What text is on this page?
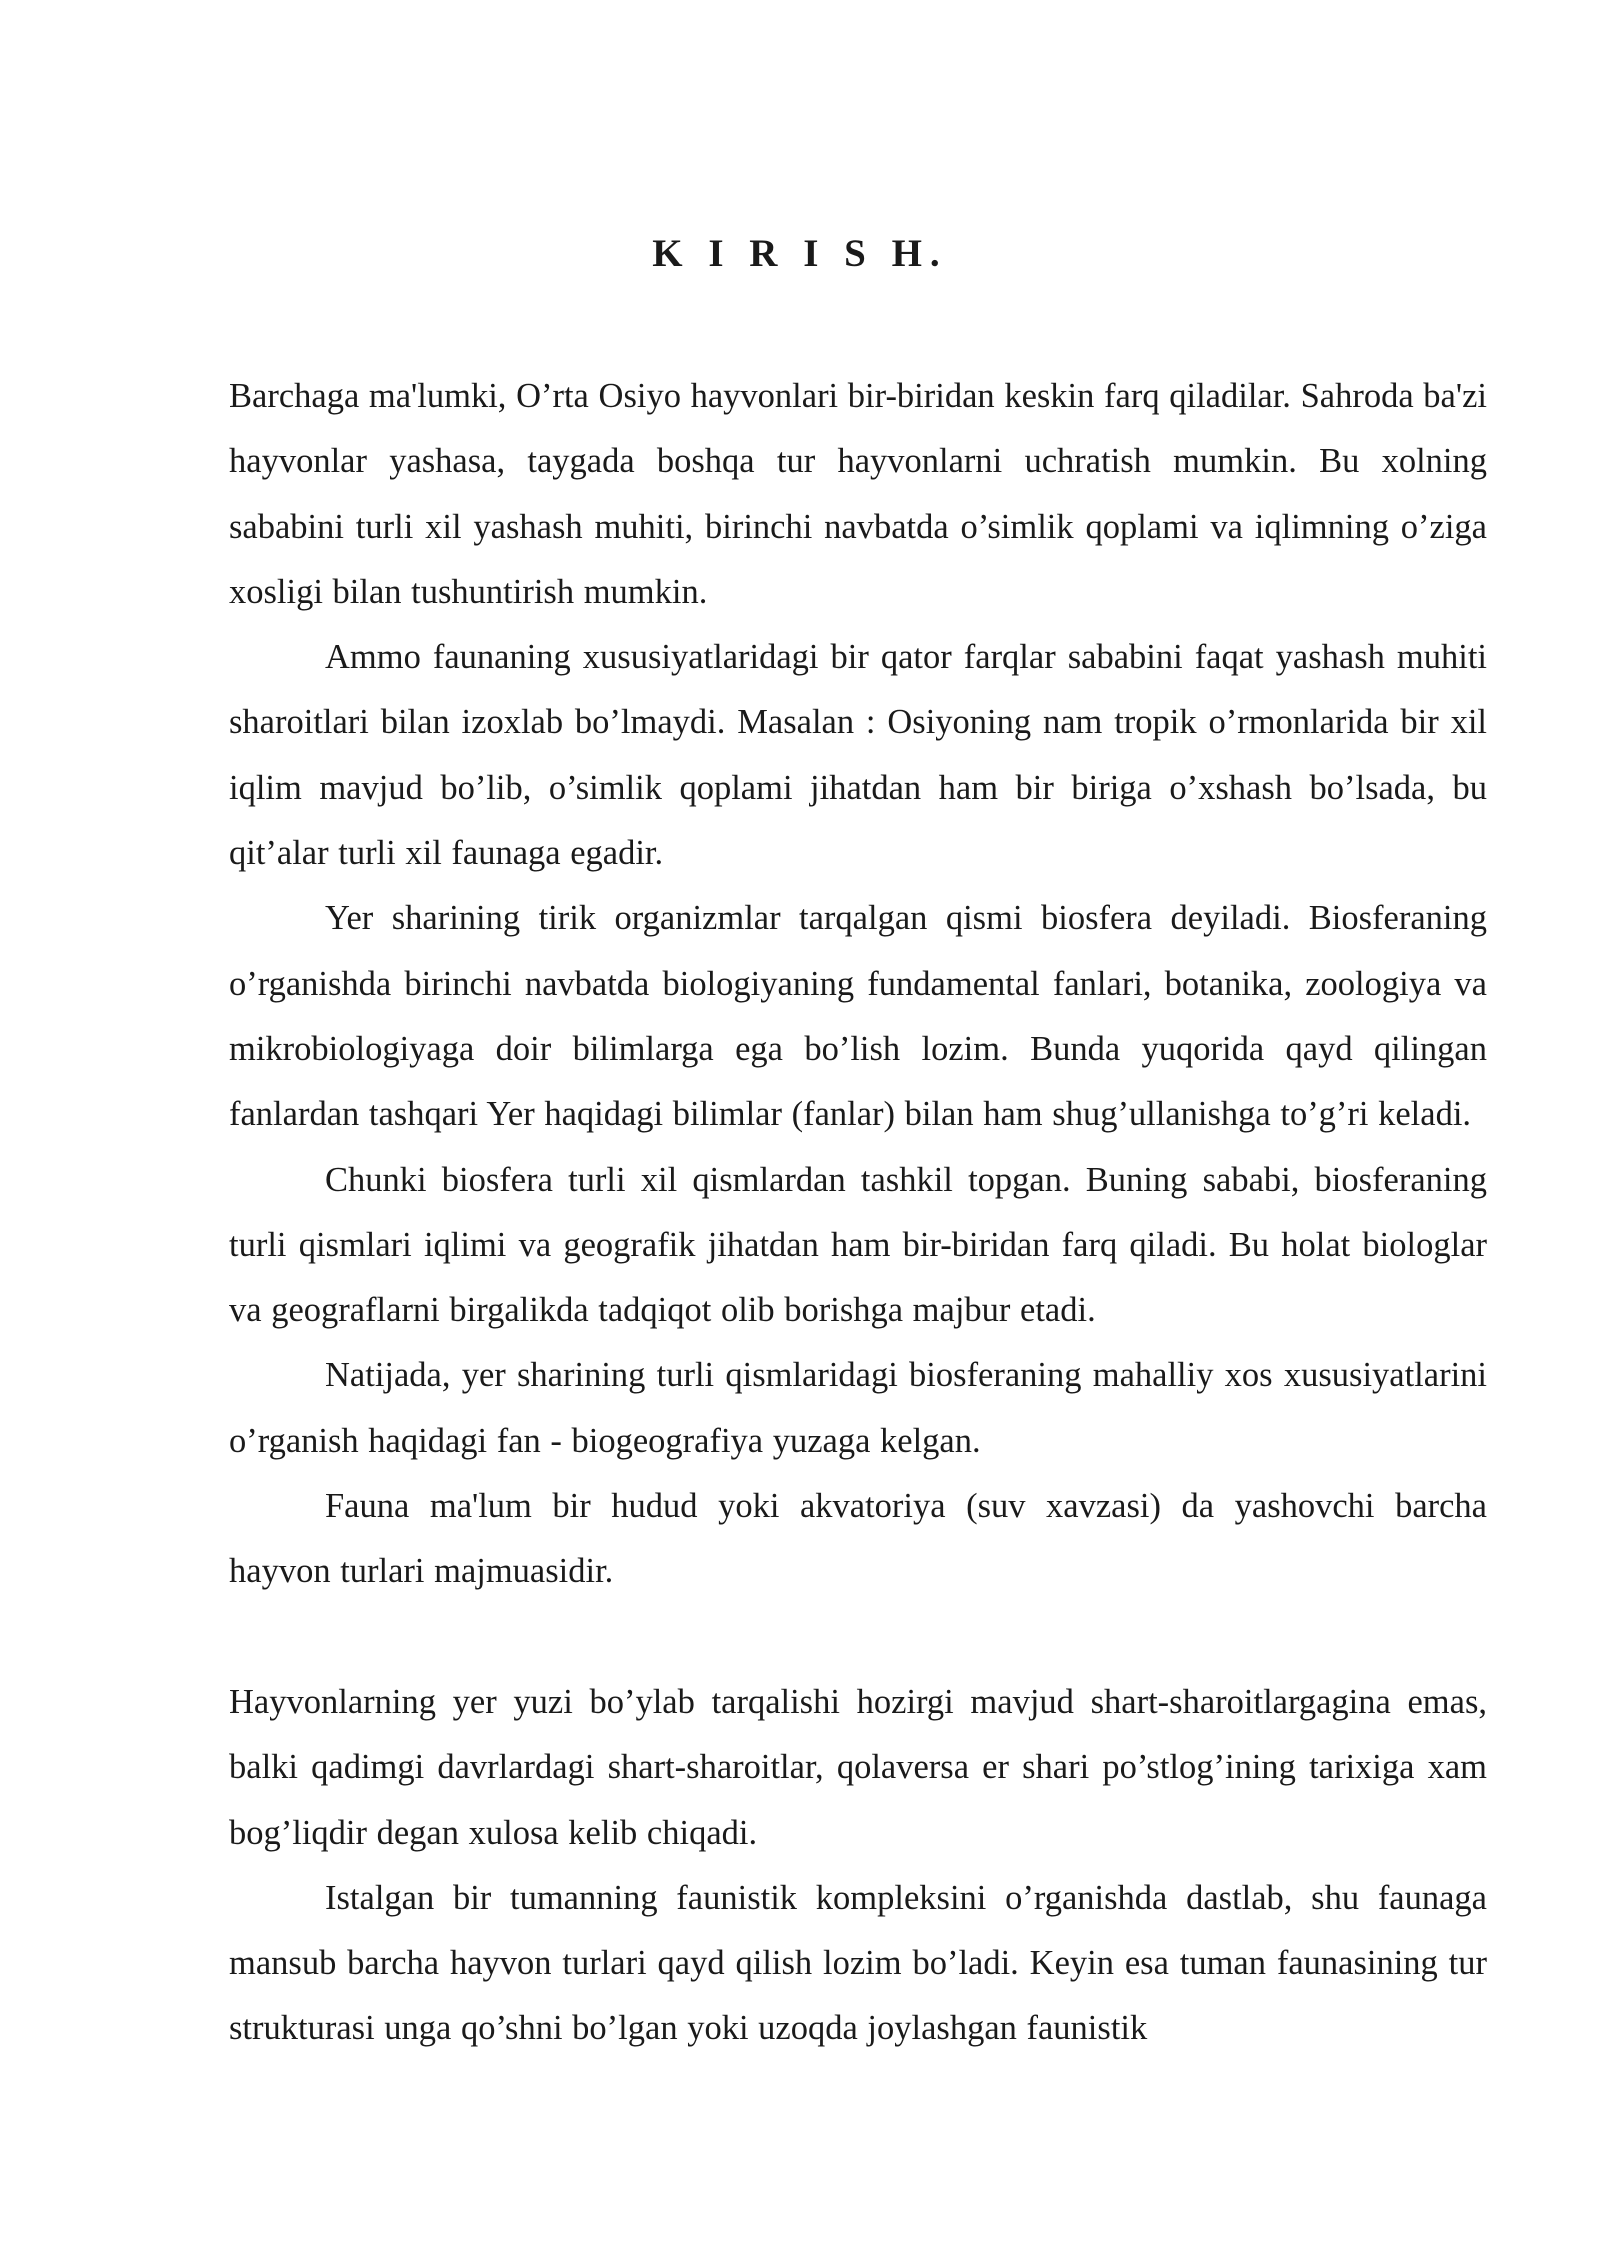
K I R I S H.

Barchaga ma'lumki, O’rta Osiyo hayvonlari bir-biridan keskin farq qiladilar. Sahroda ba'zi hayvonlar yashasa, taygada boshqa tur hayvonlarni uchratish mumkin. Bu xolning sababini turli xil yashash muhiti, birinchi navbatda o’simlik qoplami va iqlimning o’ziga xosligi bilan tushuntirish mumkin.

Ammo faunaning xususiyatlaridagi bir qator farqlar sababini faqat yashash muhiti sharoitlari bilan izoxlab bo’lmaydi. Masalan : Osiyoning nam tropik o’rmonlarida bir xil iqlim mavjud bo’lib, o’simlik qoplami jihatdan ham bir biriga o’xshash bo’lsada, bu qit’alar turli xil faunaga egadir.

Yer sharining tirik organizmlar tarqalgan qismi biosfera deyiladi. Biosferaning o’rganishda birinchi navbatda biologiyaning fundamental fanlari, botanika, zoologiya va mikrobiologiyaga doir bilimlarga ega bo’lish lozim. Bunda yuqorida qayd qilingan fanlardan tashqari Yer haqidagi bilimlar (fanlar) bilan ham shug’ullanishga to’g’ri keladi.

Chunki biosfera turli xil qismlardan tashkil topgan. Buning sababi, biosferaning turli qismlari iqlimi va geografik jihatdan ham bir-biridan farq qiladi. Bu holat biologlar va geograflarni birgalikda tadqiqot olib borishga majbur etadi.

Natijada, yer sharining turli qismlaridagi biosferaning mahalliy xos xususiyatlarini o’rganish haqidagi fan - biogeografiya yuzaga kelgan.

Fauna ma'lum bir hudud yoki akvatoriya (suv xavzasi) da yashovchi barcha hayvon turlari majmuasidir.

Hayvonlarning yer yuzi bo’ylab tarqalishi hozirgi mavjud shart-sharoitlargagina emas, balki qadimgi davrlardagi shart-sharoitlar, qolaversa er shari po’stlog’ining tarixiga xam bog’liqdir degan xulosa kelib chiqadi.

Istalgan bir tumanning faunistik kompleksini o’rganishda dastlab, shu faunaga mansub barcha hayvon turlari qayd qilish lozim bo’ladi. Keyin esa tuman faunasining tur strukturasi unga qo’shni bo’lgan yoki uzoqda joylashgan faunistik
